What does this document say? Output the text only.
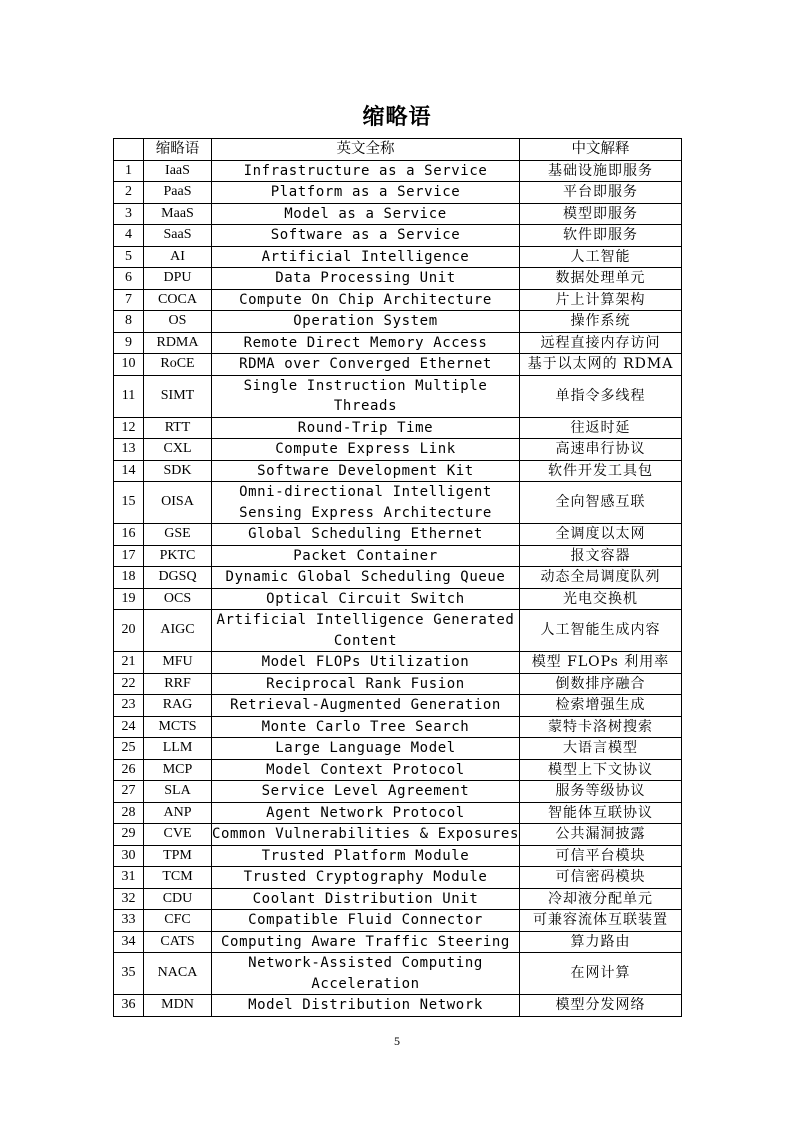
缩略语
	缩略语	英文全称	中文解释
1	IaaS	Infrastructure as a Service	基础设施即服务
2	PaaS	Platform as a Service	平台即服务
3	MaaS	Model as a Service	模型即服务
4	SaaS	Software as a Service	软件即服务
5	AI	Artificial Intelligence	人工智能
6	DPU	Data Processing Unit	数据处理单元
7	COCA	Compute On Chip Architecture	片上计算架构
8	OS	Operation System	操作系统
9	RDMA	Remote Direct Memory Access	远程直接内存访问
10	RoCE	RDMA over Converged Ethernet	基于以太网的 RDMA
11	SIMT	Single Instruction Multiple Threads	单指令多线程
12	RTT	Round-Trip Time	往返时延
13	CXL	Compute Express Link	高速串行协议
14	SDK	Software Development Kit	软件开发工具包
15	OISA	Omni-directional Intelligent Sensing Express Architecture	全向智感互联
16	GSE	Global Scheduling Ethernet	全调度以太网
17	PKTC	Packet Container	报文容器
18	DGSQ	Dynamic Global Scheduling Queue	动态全局调度队列
19	OCS	Optical Circuit Switch	光电交换机
20	AIGC	Artificial Intelligence Generated Content	人工智能生成内容
21	MFU	Model FLOPs Utilization	模型 FLOPs 利用率
22	RRF	Reciprocal Rank Fusion	倒数排序融合
23	RAG	Retrieval-Augmented Generation	检索增强生成
24	MCTS	Monte Carlo Tree Search	蒙特卡洛树搜索
25	LLM	Large Language Model	大语言模型
26	MCP	Model Context Protocol	模型上下文协议
27	SLA	Service Level Agreement	服务等级协议
28	ANP	Agent Network Protocol	智能体互联协议
29	CVE	Common Vulnerabilities & Exposures	公共漏洞披露
30	TPM	Trusted Platform Module	可信平台模块
31	TCM	Trusted Cryptography Module	可信密码模块
32	CDU	Coolant Distribution Unit	冷却液分配单元
33	CFC	Compatible Fluid Connector	可兼容流体互联装置
34	CATS	Computing Aware Traffic Steering	算力路由
35	NACA	Network-Assisted Computing Acceleration	在网计算
36	MDN	Model Distribution Network	模型分发网络
5
